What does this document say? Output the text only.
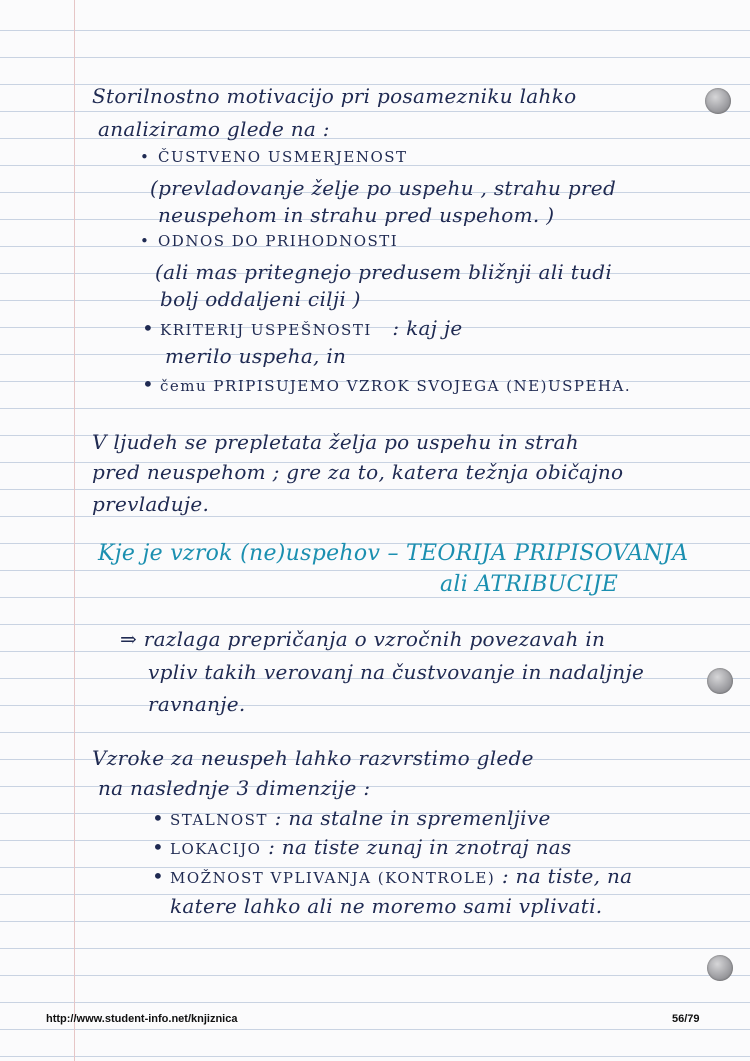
Storilnostno motivacijo pri posamezniku lahko
analiziramo glede na :
• ČUSTVENO USMERJENOST
(prevladovanje želje po uspehu , strahu pred
neuspehom in strahu pred uspehom. )
• ODNOS DO PRIHODNOSTI
(ali mas pritegnejo predusem bližnji ali tudi
bolj oddaljeni cilji )
• KRITERIJ USPEŠNOSTI : kaj je
merilo uspeha, in
• čemu PRIPISUJEMO VZROK SVOJEGA (NE)USPEHA.
V ljudeh se prepletata želja po uspehu in strah
pred neuspehom ; gre za to, katera težnja običajno
prevladuje.
Kje je vzrok (ne)uspehov – TEORIJA PRIPISOVANJA
ali ATRIBUCIJE
⇒ razlaga prepričanja o vzročnih povezavah in
vpliv takih verovanj na čustvovanje in nadaljnje
ravnanje.
Vzroke za neuspeh lahko razvrstimo glede
na naslednje 3 dimenzije :
• STALNOST : na stalne in spremenljive
• LOKACIJO : na tiste zunaj in znotraj nas
• MOŽNOST VPLIVANJA (KONTROLE) : na tiste, na
katere lahko ali ne moremo sami vplivati.
http://www.student-info.net/knjiznica	56/79
